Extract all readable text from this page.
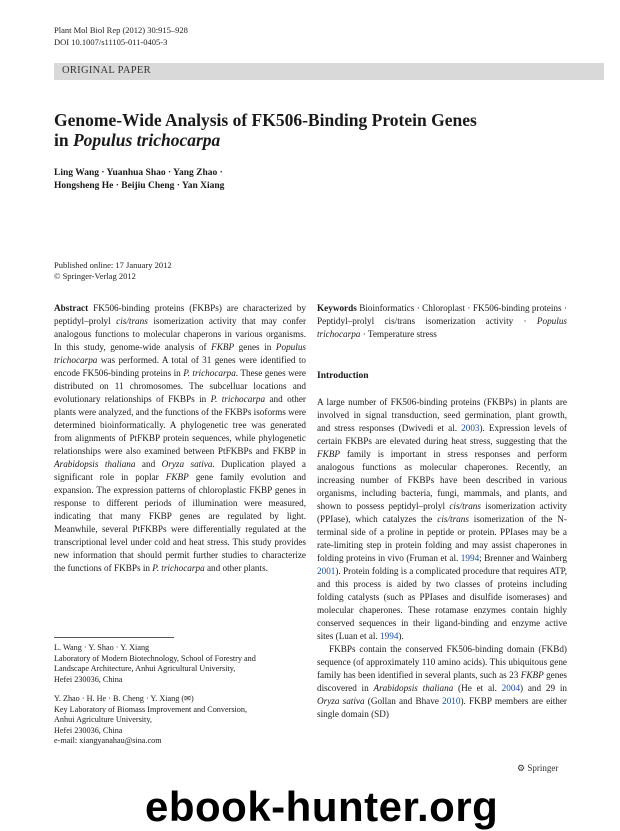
Plant Mol Biol Rep (2012) 30:915–928
DOI 10.1007/s11105-011-0405-3
ORIGINAL PAPER
Genome-Wide Analysis of FK506-Binding Protein Genes
in Populus trichocarpa
Ling Wang · Yuanhua Shao · Yang Zhao ·
Hongsheng He · Beijiu Cheng · Yan Xiang
Published online: 17 January 2012
© Springer-Verlag 2012
Abstract FK506-binding proteins (FKBPs) are characterized by peptidyl–prolyl cis/trans isomerization activity that may confer analogous functions to molecular chaperons in various organisms. In this study, genome-wide analysis of FKBP genes in Populus trichocarpa was performed. A total of 31 genes were identified to encode FK506-binding proteins in P. trichocarpa. These genes were distributed on 11 chromosomes. The subcelluar locations and evolutionary relationships of FKBPs in P. trichocarpa and other plants were analyzed, and the functions of the FKBPs isoforms were determined bioinformatically. A phylogenetic tree was generated from alignments of PtFKBP protein sequences, while phylogenetic relationships were also examined between PtFKBPs and FKBP in Arabidopsis thaliana and Oryza sativa. Duplication played a significant role in poplar FKBP gene family evolution and expansion. The expression patterns of chloroplastic FKBP genes in response to different periods of illumination were measured, indicating that many FKBP genes are regulated by light. Meanwhile, several PtFKBPs were differentially regulated at the transcriptional level under cold and heat stress. This study provides new information that should permit further studies to characterize the functions of FKBPs in P. trichocarpa and other plants.
Keywords Bioinformatics · Chloroplast · FK506-binding proteins · Peptidyl–prolyl cis/trans isomerization activity · Populus trichocarpa · Temperature stress
Introduction

A large number of FK506-binding proteins (FKBPs) in plants are involved in signal transduction, seed germination, plant growth, and stress responses (Dwivedi et al. 2003). Expression levels of certain FKBPs are elevated during heat stress, suggesting that the FKBP family is important in stress responses and perform analogous functions as molecular chaperones. Recently, an increasing number of FKBPs have been described in various organisms, including bacteria, fungi, mammals, and plants, and shown to possess peptidyl–prolyl cis/trans isomerization activity (PPIase), which catalyzes the cis/trans isomerization of the N-terminal side of a proline in peptide or protein. PPIases may be a rate-limiting step in protein folding and may assist chaperones in folding proteins in vivo (Fruman et al. 1994; Brenner and Wainberg 2001). Protein folding is a complicated procedure that requires ATP, and this process is aided by two classes of proteins including folding catalysts (such as PPIases and disulfide isomerases) and molecular chaperones. These rotamase enzymes contain highly conserved sequences in their ligand-binding and enzyme active sites (Luan et al. 1994).

FKBPs contain the conserved FK506-binding domain (FKBd) sequence (of approximately 110 amino acids). This ubiquitous gene family has been identified in several plants, such as 23 FKBP genes discovered in Arabidopsis thaliana (He et al. 2004) and 29 in Oryza sativa (Gollan and Bhave 2010). FKBP members are either single domain (SD)

L. Wang · Y. Shao · Y. Xiang
Laboratory of Modern Biotechnology, School of Forestry and
Landscape Architecture, Anhui Agricultural University,
Hefei 230036, China

Y. Zhao · H. He · B. Cheng · Y. Xiang (✉)
Key Laboratory of Biomass Improvement and Conversion,
Anhui Agriculture University,
Hefei 230036, China
e-mail: xiangyanahau@sina.com

⚙ Springer
ebook-hunter.org
